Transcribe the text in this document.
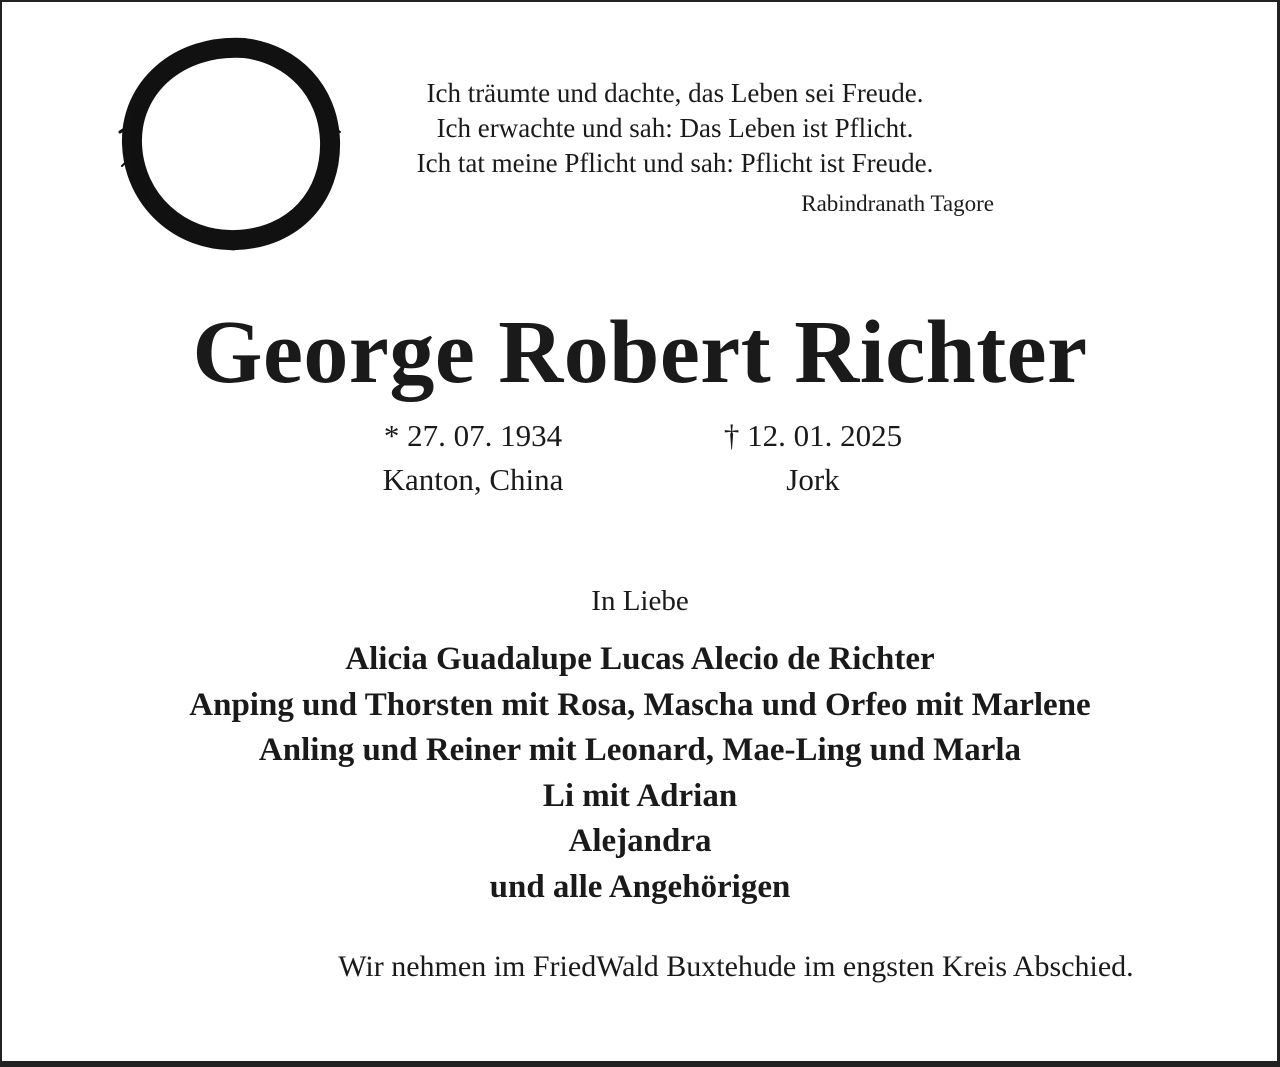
Ich träumte und dachte, das Leben sei Freude.
Ich erwachte und sah: Das Leben ist Pflicht.
Ich tat meine Pflicht und sah: Pflicht ist Freude.
Rabindranath Tagore
George Robert Richter
* 27. 07. 1934
Kanton, China
† 12. 01. 2025
Jork
In Liebe
Alicia Guadalupe Lucas Alecio de Richter
Anping und Thorsten mit Rosa, Mascha und Orfeo mit Marlene
Anling und Reiner mit Leonard, Mae-Ling und Marla
Li mit Adrian
Alejandra
und alle Angehörigen
Wir nehmen im FriedWald Buxtehude im engsten Kreis Abschied.
